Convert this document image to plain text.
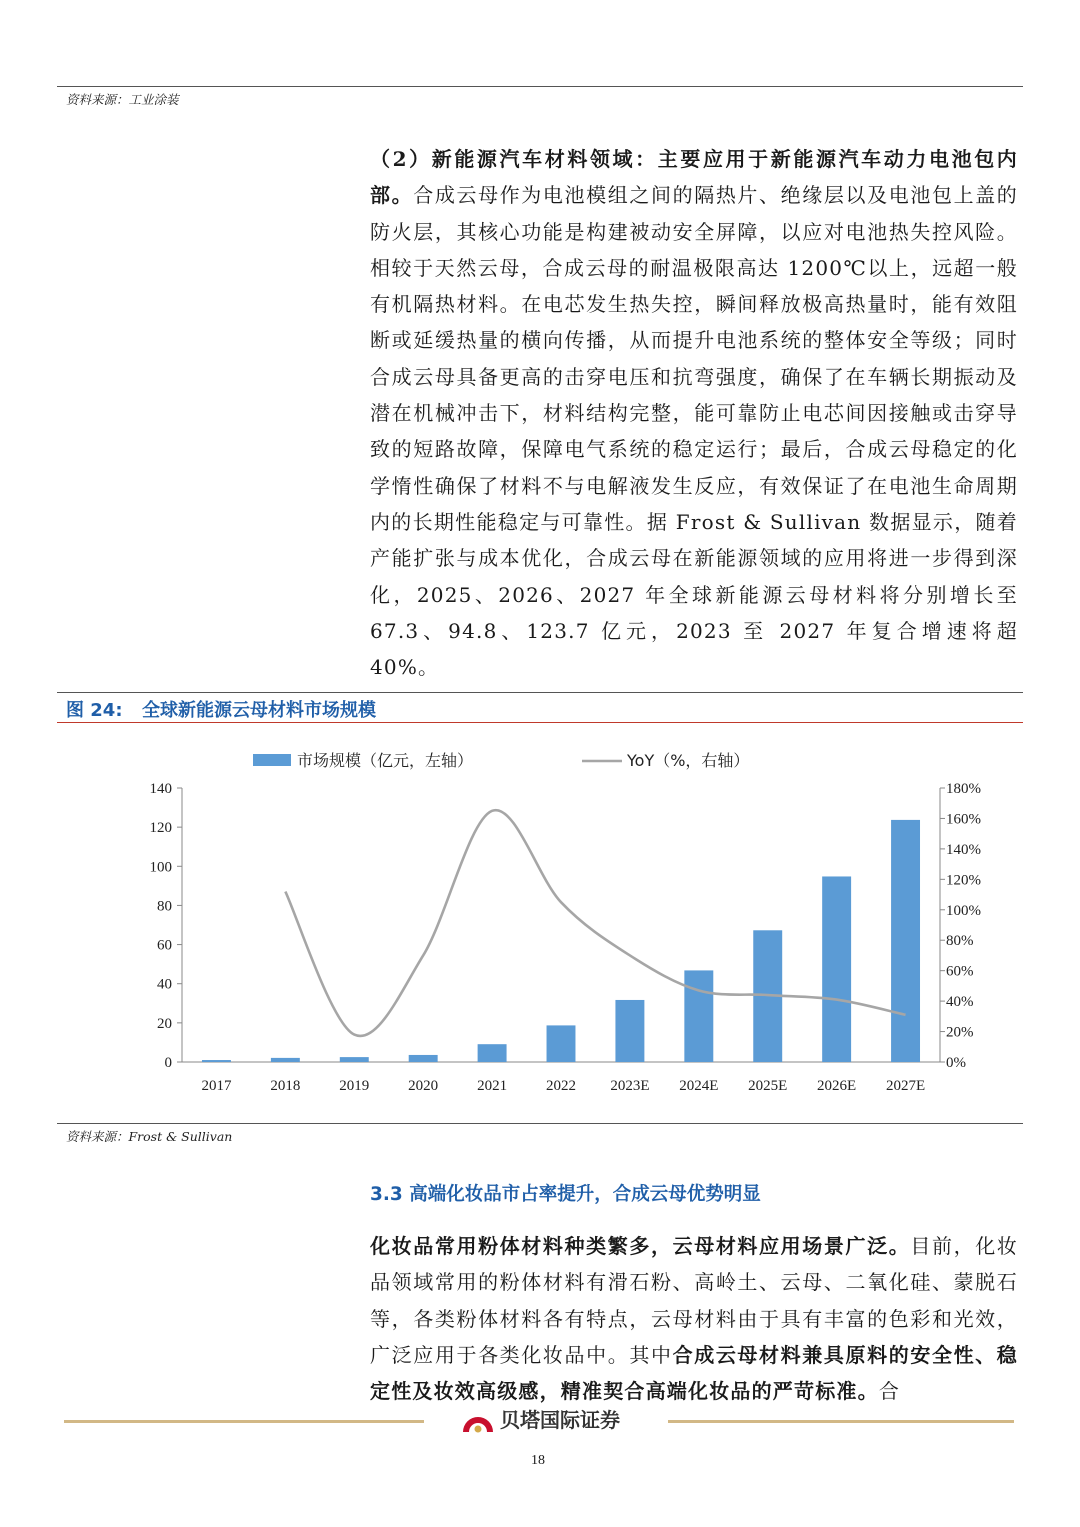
资料来源：工业涂装

（2）新能源汽车材料领域：主要应用于新能源汽车动力电池包内部。合成云母作为电池模组之间的隔热片、绝缘层以及电池包上盖的防火层，其核心功能是构建被动安全屏障，以应对电池热失控风险。相较于天然云母，合成云母的耐温极限高达 1200℃以上，远超一般有机隔热材料。在电芯发生热失控，瞬间释放极高热量时，能有效阻断或延缓热量的横向传播，从而提升电池系统的整体安全等级；同时合成云母具备更高的击穿电压和抗弯强度，确保了在车辆长期振动及潜在机械冲击下，材料结构完整，能可靠防止电芯间因接触或击穿导致的短路故障，保障电气系统的稳定运行；最后，合成云母稳定的化学惰性确保了材料不与电解液发生反应，有效保证了在电池生命周期内的长期性能稳定与可靠性。据 Frost & Sullivan 数据显示，随着产能扩张与成本优化，合成云母在新能源领域的应用将进一步得到深化，2025、2026、2027 年全球新能源云母材料将分别增长至 67.3、94.8、123.7 亿元，2023 至 2027 年复合增速将超40%。

图 24: 全球新能源云母材料市场规模
市场规模（亿元，左轴）	YoY（%，右轴）
0
20
40
60
80
100
120
140
0%
20%
40%
60%
80%
100%
120%
140%
160%
180%
2017	2018	2019	2020	2021	2022 2023E 2024E 2025E 2026E 2027E
资料来源：Frost & Sullivan
3.3 高端化妆品市占率提升，合成云母优势明显

化妆品常用粉体材料种类繁多，云母材料应用场景广泛。目前，化妆品领域常用的粉体材料有滑石粉、高岭土、云母、二氧化硅、蒙脱石等，各类粉体材料各有特点，云母材料由于具有丰富的色彩和光效，广泛应用于各类化妆品中。其中合成云母材料兼具原料的安全性、稳定性及妆效高级感，精准契合高端化妆品的严苛标准。合

贝塔国际证券
18
